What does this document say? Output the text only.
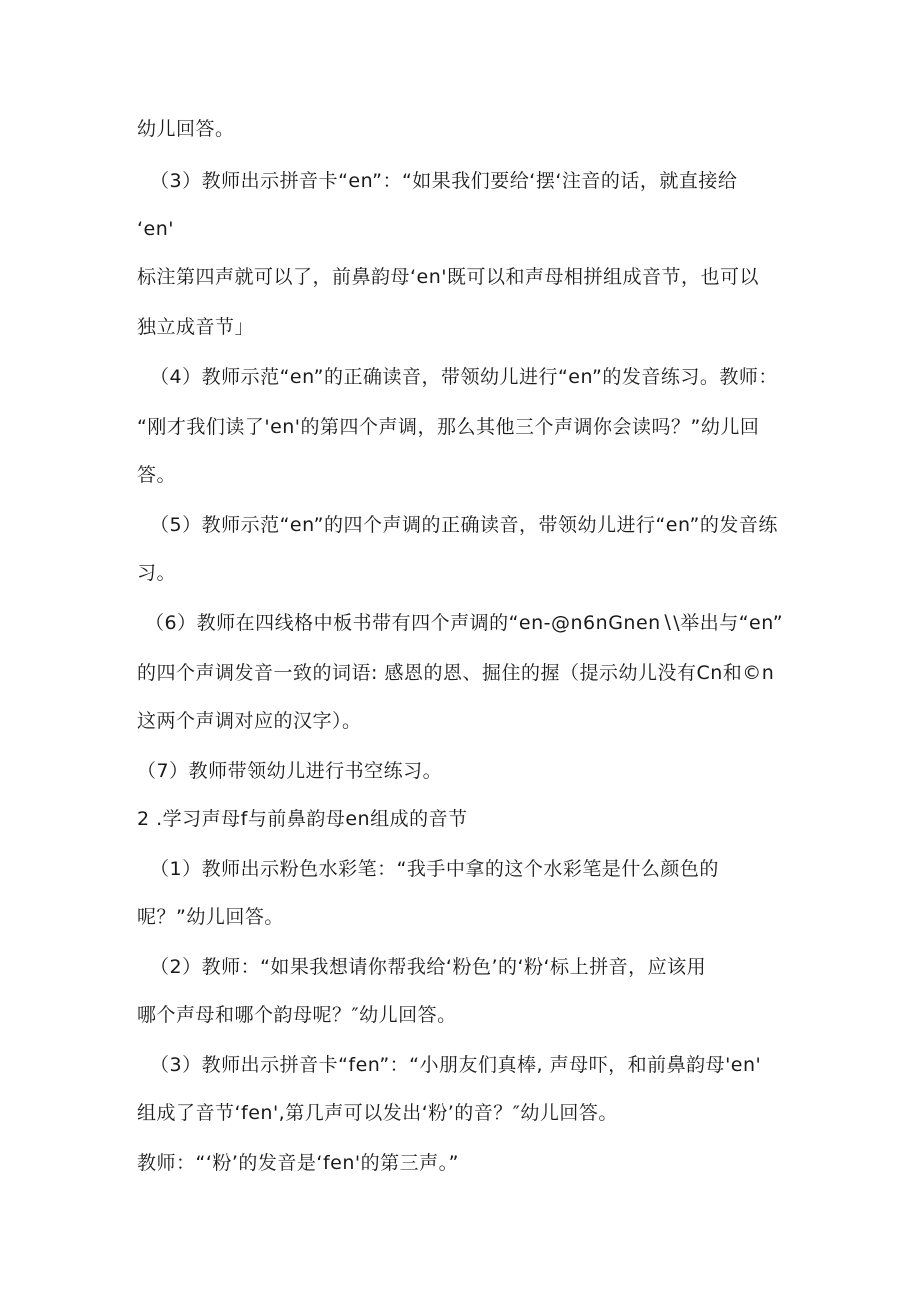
幼儿回答。
（3）教师出示拼音卡“en”：“如果我们要给‘摆‘注音的话，就直接给
‘en'
标注第四声就可以了，前鼻韵母‘en'既可以和声母相拼组成音节，也可以
独立成音节」
（4）教师示范“en”的正确读音，带领幼儿进行“en”的发音练习。教师：
“刚才我们读了'en'的第四个声调，那么其他三个声调你会读吗？”幼儿回
答。
（5）教师示范“en”的四个声调的正确读音，带领幼儿进行“en”的发音练
习。
（6）教师在四线格中板书带有四个声调的“en-@n6nGnen∖\举出与“en”
的四个声调发音一致的词语: 感恩的恩、掘住的握（提示幼儿没有Cn和©n
这两个声调对应的汉字）。
（7）教师带领幼儿进行书空练习。
2 .学习声母f与前鼻韵母en组成的音节
（1）教师出示粉色水彩笔：“我手中拿的这个水彩笔是什么颜色的
呢？”幼儿回答。
（2）教师：“如果我想请你帮我给‘粉色’的‘粉‘标上拼音，应该用
哪个声母和哪个韵母呢？″幼儿回答。
（3）教师出示拼音卡“fen”：“小朋友们真棒, 声母吓，和前鼻韵母'en'
组成了音节‘fen',第几声可以发出‘粉’的音？″幼儿回答。
教师：“‘粉’的发音是‘fen'的第三声。”
